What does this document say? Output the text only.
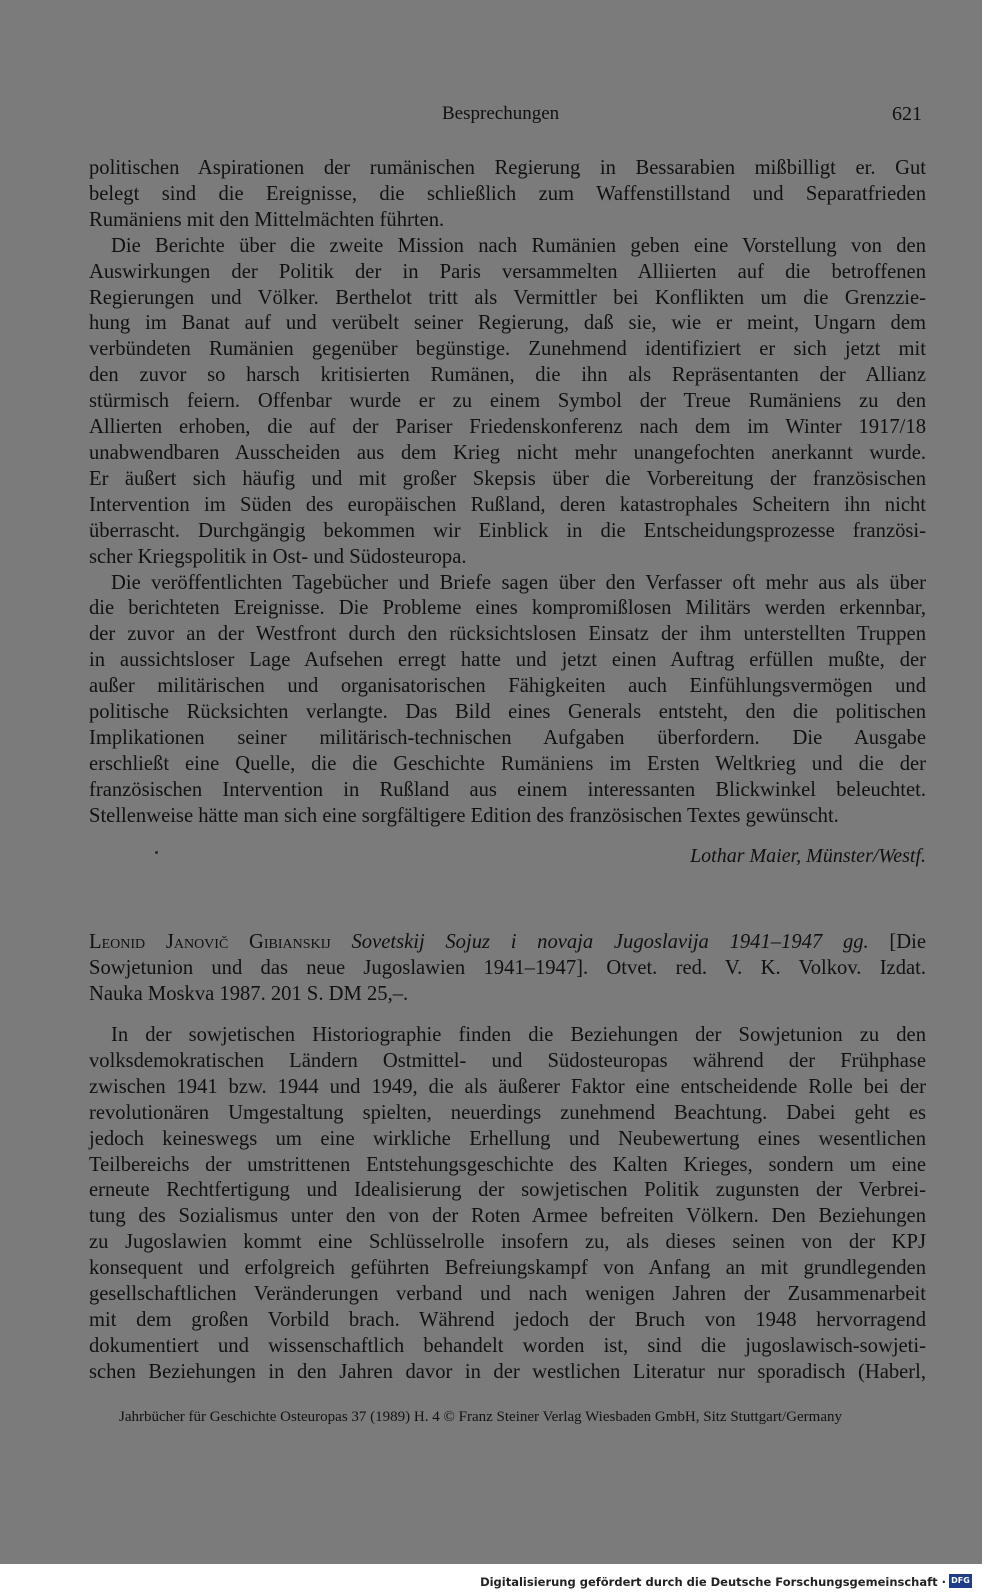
Besprechungen	621
politischen Aspirationen der rumänischen Regierung in Bessarabien mißbilligt er. Gut
belegt sind die Ereignisse, die schließlich zum Waffenstillstand und Separatfrieden
Rumäniens mit den Mittelmächten führten.
Die Berichte über die zweite Mission nach Rumänien geben eine Vorstellung von den
Auswirkungen der Politik der in Paris versammelten Alliierten auf die betroffenen
Regierungen und Völker. Berthelot tritt als Vermittler bei Konflikten um die Grenzzie-
hung im Banat auf und verübelt seiner Regierung, daß sie, wie er meint, Ungarn dem
verbündeten Rumänien gegenüber begünstige. Zunehmend identifiziert er sich jetzt mit
den zuvor so harsch kritisierten Rumänen, die ihn als Repräsentanten der Allianz
stürmisch feiern. Offenbar wurde er zu einem Symbol der Treue Rumäniens zu den
Allierten erhoben, die auf der Pariser Friedenskonferenz nach dem im Winter 1917/18
unabwendbaren Ausscheiden aus dem Krieg nicht mehr unangefochten anerkannt wurde.
Er äußert sich häufig und mit großer Skepsis über die Vorbereitung der französischen
Intervention im Süden des europäischen Rußland, deren katastrophales Scheitern ihn nicht
überrascht. Durchgängig bekommen wir Einblick in die Entscheidungsprozesse französi-
scher Kriegspolitik in Ost- und Südosteuropa.
Die veröffentlichten Tagebücher und Briefe sagen über den Verfasser oft mehr aus als über
die berichteten Ereignisse. Die Probleme eines kompromißlosen Militärs werden erkennbar,
der zuvor an der Westfront durch den rücksichtslosen Einsatz der ihm unterstellten Truppen
in aussichtsloser Lage Aufsehen erregt hatte und jetzt einen Auftrag erfüllen mußte, der
außer militärischen und organisatorischen Fähigkeiten auch Einfühlungsvermögen und
politische Rücksichten verlangte. Das Bild eines Generals entsteht, den die politischen
Implikationen seiner militärisch-technischen Aufgaben überfordern. Die Ausgabe
erschließt eine Quelle, die die Geschichte Rumäniens im Ersten Weltkrieg und die der
französischen Intervention in Rußland aus einem interessanten Blickwinkel beleuchtet.
Stellenweise hätte man sich eine sorgfältigere Edition des französischen Textes gewünscht.
Lothar Maier, Münster/Westf.
Leonid Janovič Gibianskij Sovetskij Sojuz i novaja Jugoslavija 1941–1947 gg. [Die
Sowjetunion und das neue Jugoslawien 1941–1947]. Otvet. red. V. K. Volkov. Izdat.
Nauka Moskva 1987. 201 S. DM 25,–.
In der sowjetischen Historiographie finden die Beziehungen der Sowjetunion zu den
volksdemokratischen Ländern Ostmittel- und Südosteuropas während der Frühphase
zwischen 1941 bzw. 1944 und 1949, die als äußerer Faktor eine entscheidende Rolle bei der
revolutionären Umgestaltung spielten, neuerdings zunehmend Beachtung. Dabei geht es
jedoch keineswegs um eine wirkliche Erhellung und Neubewertung eines wesentlichen
Teilbereichs der umstrittenen Entstehungsgeschichte des Kalten Krieges, sondern um eine
erneute Rechtfertigung und Idealisierung der sowjetischen Politik zugunsten der Verbrei-
tung des Sozialismus unter den von der Roten Armee befreiten Völkern. Den Beziehungen
zu Jugoslawien kommt eine Schlüsselrolle insofern zu, als dieses seinen von der KPJ
konsequent und erfolgreich geführten Befreiungskampf von Anfang an mit grundlegenden
gesellschaftlichen Veränderungen verband und nach wenigen Jahren der Zusammenarbeit
mit dem großen Vorbild brach. Während jedoch der Bruch von 1948 hervorragend
dokumentiert und wissenschaftlich behandelt worden ist, sind die jugoslawisch-sowjeti-
schen Beziehungen in den Jahren davor in der westlichen Literatur nur sporadisch (Haberl,
Jahrbücher für Geschichte Osteuropas 37 (1989) H. 4 © Franz Steiner Verlag Wiesbaden GmbH, Sitz Stuttgart/Germany
Digitalisierung gefördert durch die Deutsche Forschungsgemeinschaft · DFG
